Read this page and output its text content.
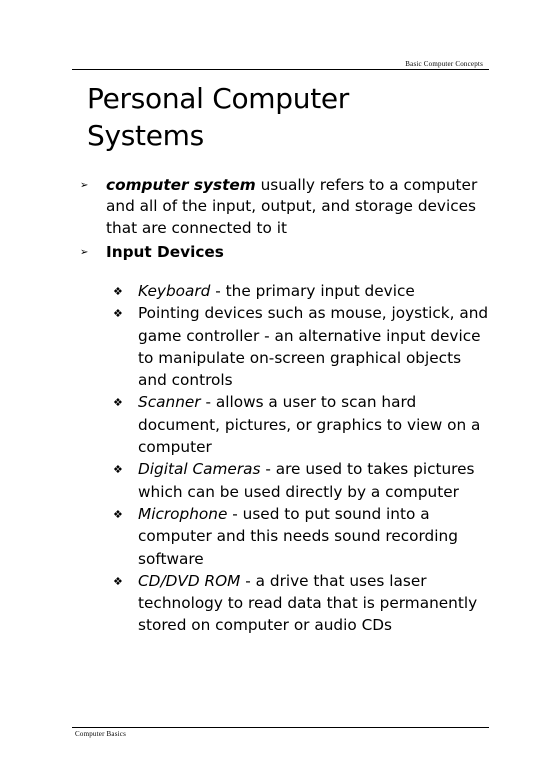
Basic Computer Concepts
Personal Computer
Systems
➢ computer system usually refers to a computer and all of the input, output, and storage devices that are connected to it
➢ Input Devices
❖ Keyboard - the primary input device
❖ Pointing devices such as mouse, joystick, and game controller - an alternative input device to manipulate on-screen graphical objects and controls
❖ Scanner - allows a user to scan hard document, pictures, or graphics to view on a computer
❖ Digital Cameras - are used to takes pictures which can be used directly by a computer
❖ Microphone - used to put sound into a computer and this needs sound recording software
❖ CD/DVD ROM - a drive that uses laser technology to read data that is permanently stored on computer or audio CDs
Computer Basics
